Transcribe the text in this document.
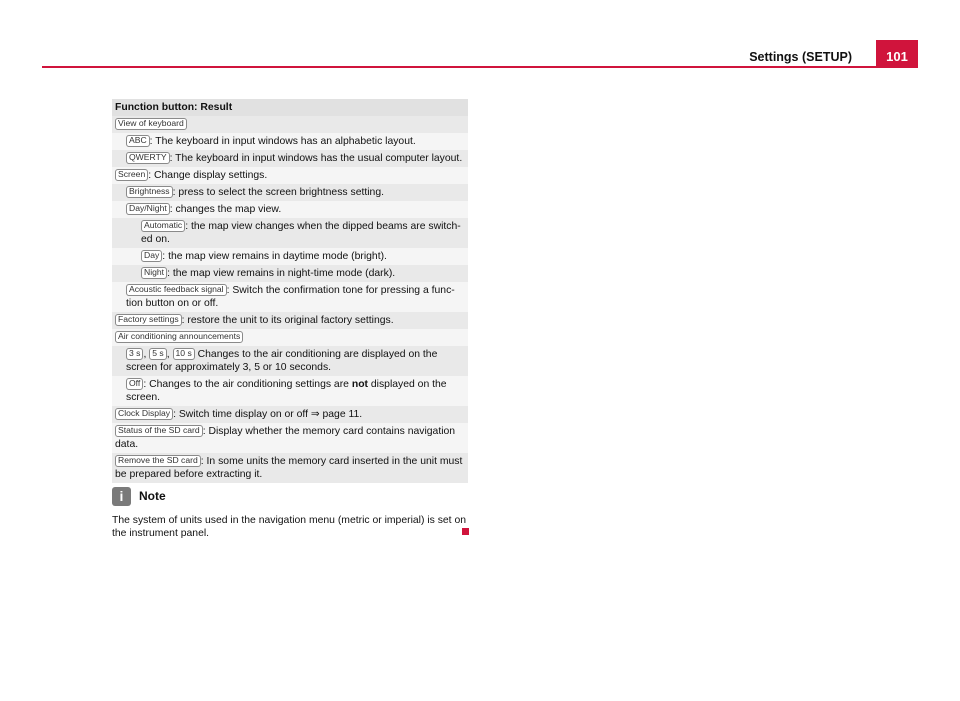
Settings (SETUP)	101
Function button: Result
View of keyboard
ABC : The keyboard in input windows has an alphabetic layout.
QWERTY : The keyboard in input windows has the usual computer layout.
Screen : Change display settings.
Brightness : press to select the screen brightness setting.
Day/Night : changes the map view.
Automatic : the map view changes when the dipped beams are switch-ed on.
Day : the map view remains in daytime mode (bright).
Night : the map view remains in night-time mode (dark).
Acoustic feedback signal : Switch the confirmation tone for pressing a func-tion button on or off.
Factory settings : restore the unit to its original factory settings.
Air conditioning announcements
3 s , 5 s , 10 s Changes to the air conditioning are displayed on the screen for approximately 3, 5 or 10 seconds.
Off : Changes to the air conditioning settings are not displayed on the screen.
Clock Display : Switch time display on or off ⇒ page 11.
Status of the SD card : Display whether the memory card contains navigation data.
Remove the SD card : In some units the memory card inserted in the unit must be prepared before extracting it.
i Note
The system of units used in the navigation menu (metric or imperial) is set on the instrument panel.
